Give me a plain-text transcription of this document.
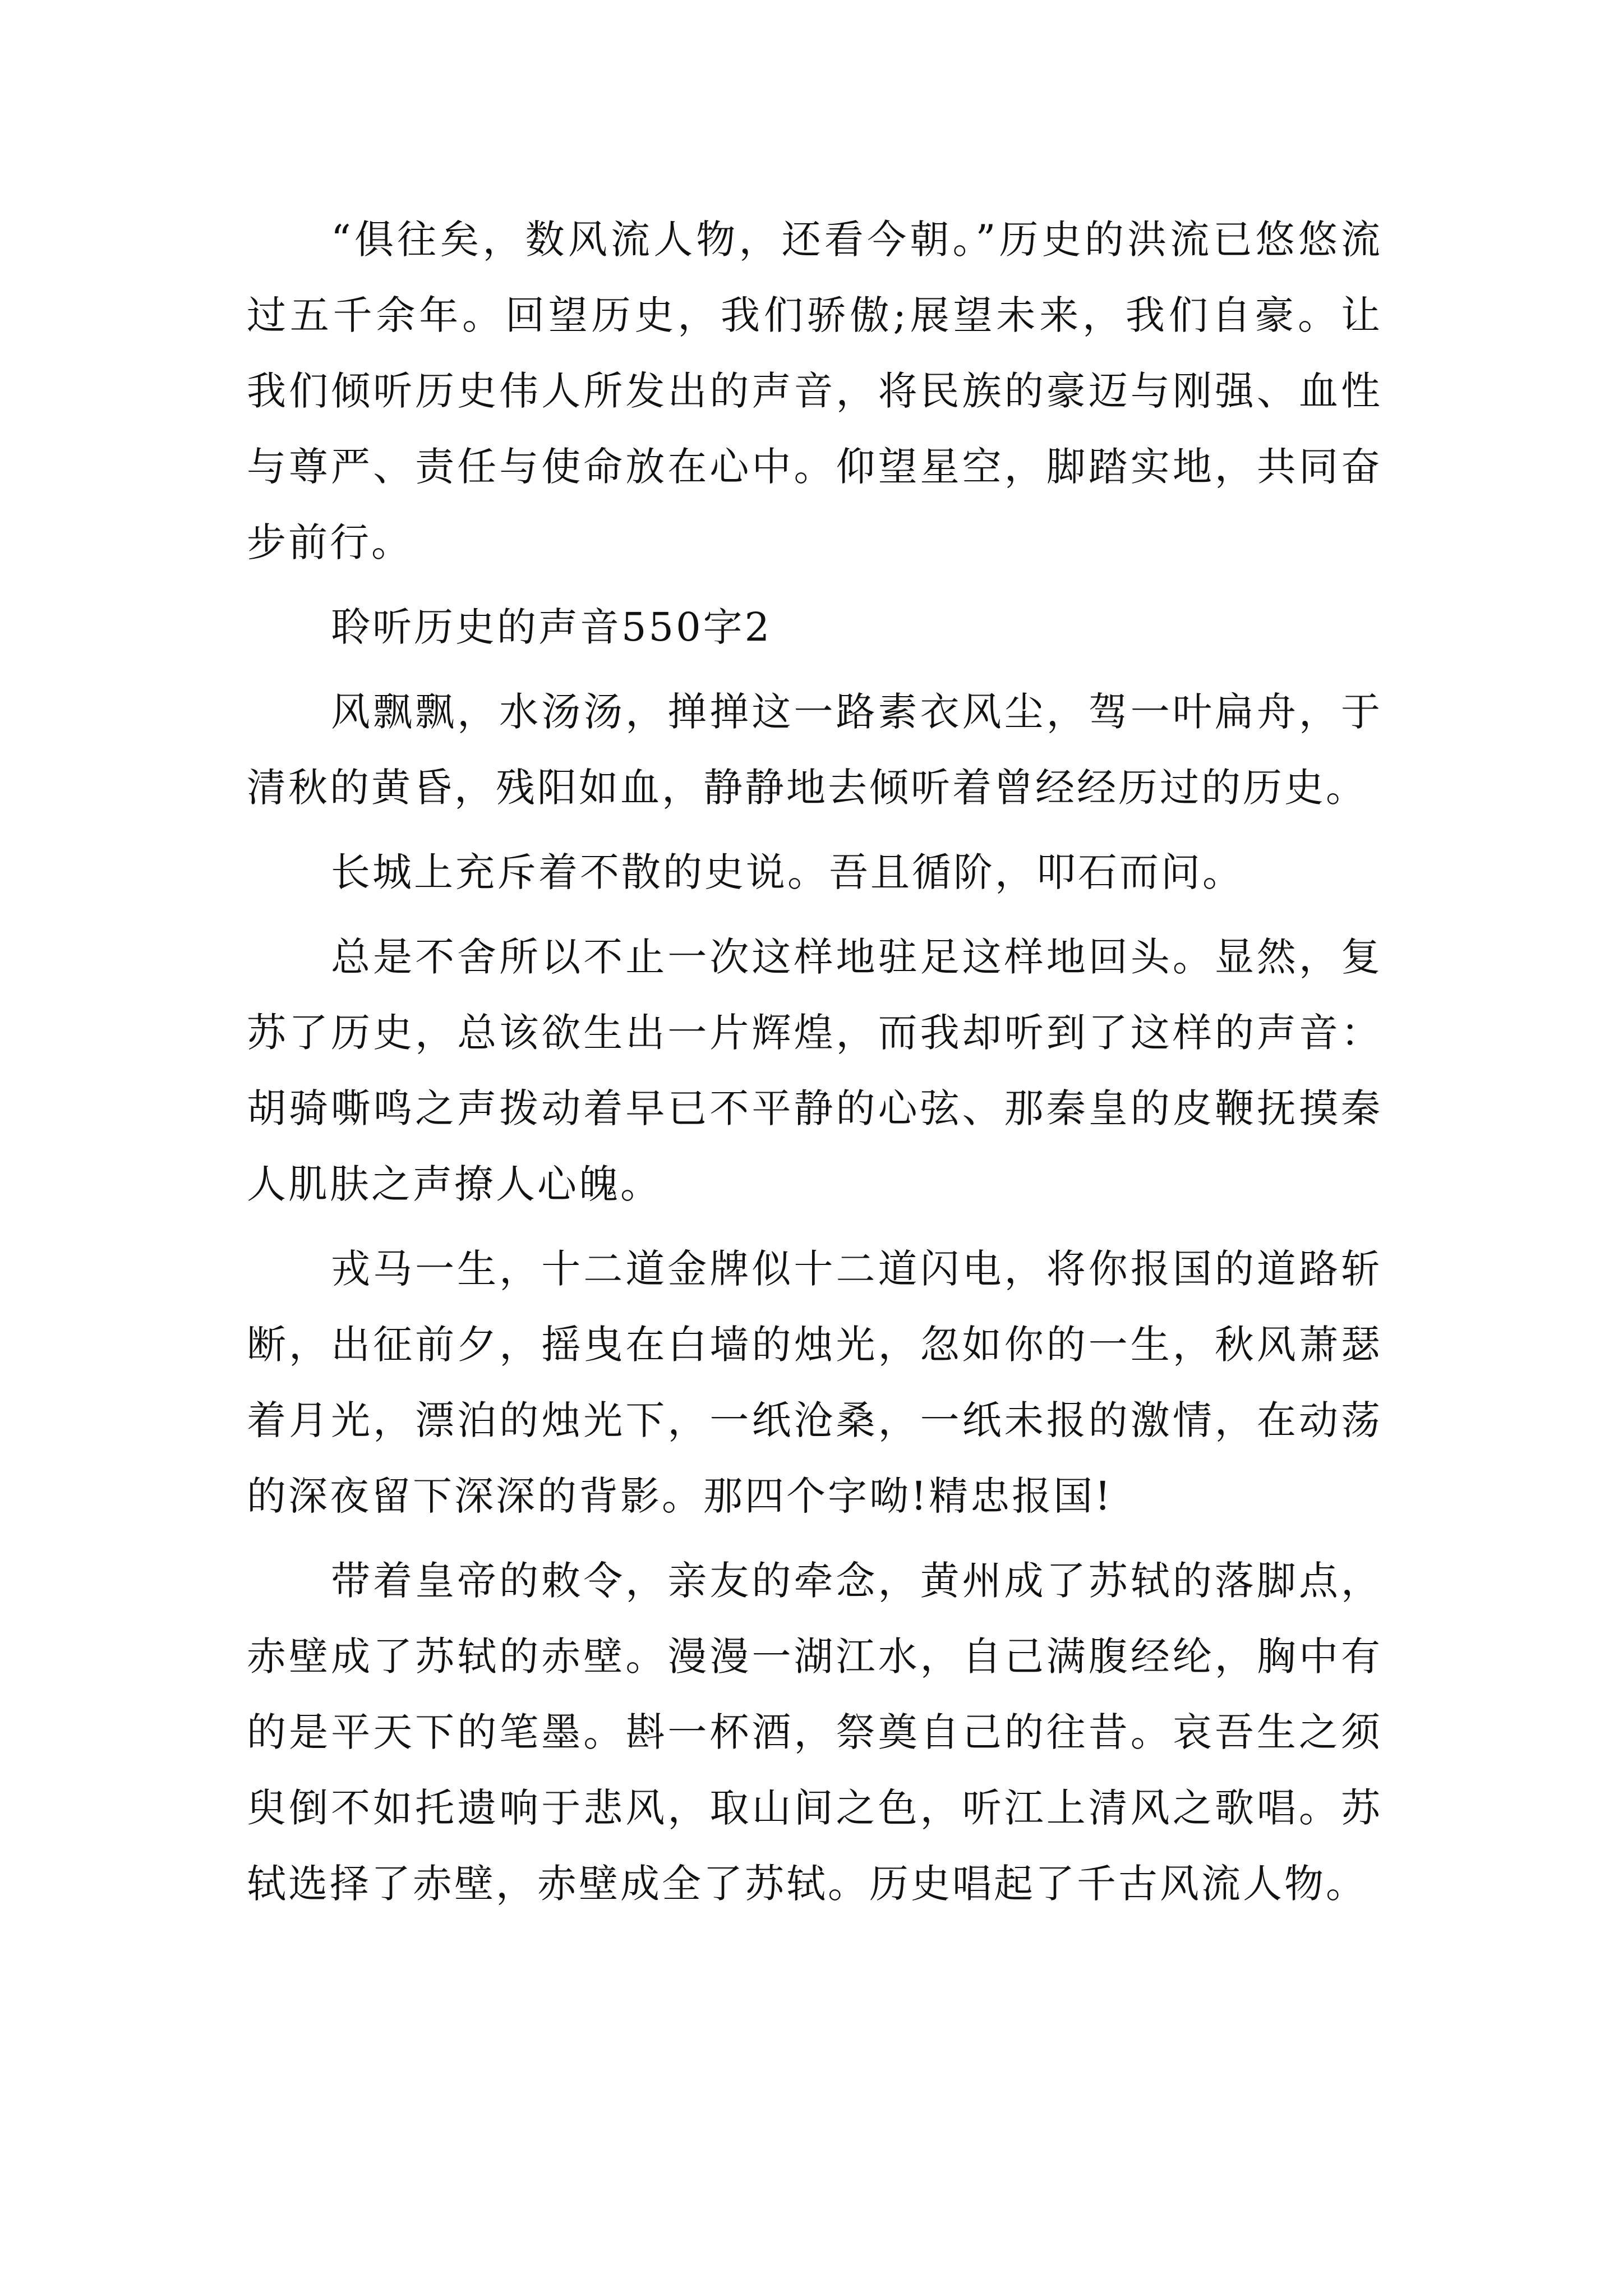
“俱往矣，数风流人物，还看今朝。”历史的洪流已悠悠流过五千余年。回望历史，我们骄傲;展望未来，我们自豪。让我们倾听历史伟人所发出的声音，将民族的豪迈与刚强、血性与尊严、责任与使命放在心中。仰望星空，脚踏实地，共同奋步前行。

聆听历史的声音550字2

风飘飘，水汤汤，掸掸这一路素衣风尘，驾一叶扁舟，于清秋的黄昏，残阳如血，静静地去倾听着曾经经历过的历史。

长城上充斥着不散的史说。吾且循阶，叩石而问。

总是不舍所以不止一次这样地驻足这样地回头。显然，复苏了历史，总该欲生出一片辉煌，而我却听到了这样的声音：胡骑嘶鸣之声拨动着早已不平静的心弦、那秦皇的皮鞭抚摸秦人肌肤之声撩人心魄。

戎马一生，十二道金牌似十二道闪电，将你报国的道路斩断，出征前夕，摇曳在白墙的烛光，忽如你的一生，秋风萧瑟着月光，漂泊的烛光下，一纸沧桑，一纸未报的激情，在动荡的深夜留下深深的背影。那四个字呦!精忠报国!

带着皇帝的敕令，亲友的牵念，黄州成了苏轼的落脚点，赤壁成了苏轼的赤壁。漫漫一湖江水，自己满腹经纶，胸中有的是平天下的笔墨。斟一杯酒，祭奠自己的往昔。哀吾生之须臾倒不如托遗响于悲风，取山间之色，听江上清风之歌唱。苏轼选择了赤壁，赤壁成全了苏轼。历史唱起了千古风流人物。
